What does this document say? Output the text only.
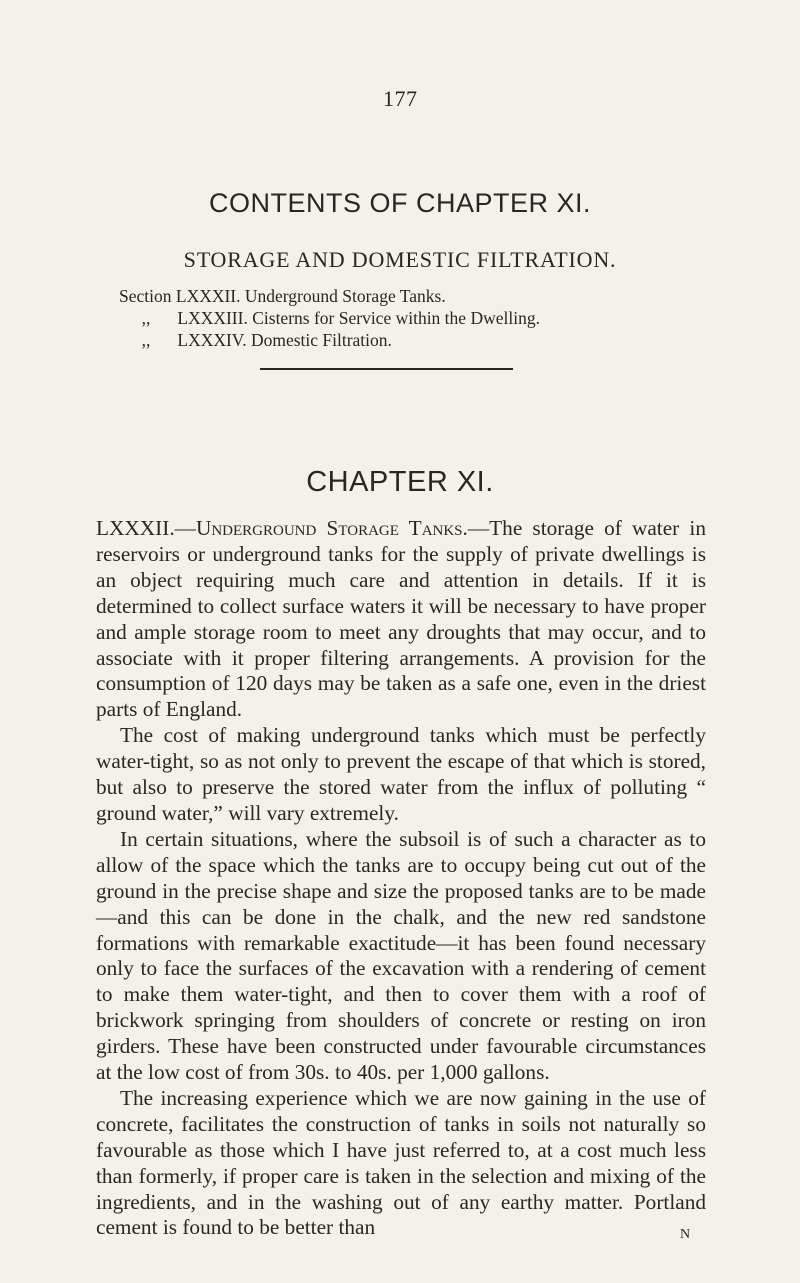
177
CONTENTS OF CHAPTER XI.
STORAGE AND DOMESTIC FILTRATION.
Section LXXXII. Underground Storage Tanks.
,, LXXXIII. Cisterns for Service within the Dwelling.
,, LXXXIV. Domestic Filtration.
CHAPTER XI.

LXXXII.—Underground Storage Tanks.—The storage of water in reservoirs or underground tanks for the supply of private dwellings is an object requiring much care and attention in details. If it is determined to collect surface waters it will be necessary to have proper and ample storage room to meet any droughts that may occur, and to associate with it proper filtering arrangements. A provision for the consumption of 120 days may be taken as a safe one, even in the driest parts of England.

The cost of making underground tanks which must be perfectly water-tight, so as not only to prevent the escape of that which is stored, but also to preserve the stored water from the influx of polluting “ ground water,” will vary extremely.

In certain situations, where the subsoil is of such a character as to allow of the space which the tanks are to occupy being cut out of the ground in the precise shape and size the proposed tanks are to be made—and this can be done in the chalk, and the new red sandstone formations with remarkable exactitude—it has been found necessary only to face the surfaces of the excavation with a rendering of cement to make them water-tight, and then to cover them with a roof of brickwork springing from shoulders of concrete or resting on iron girders. These have been constructed under favourable circumstances at the low cost of from 30s. to 40s. per 1,000 gallons.

The increasing experience which we are now gaining in the use of concrete, facilitates the construction of tanks in soils not naturally so favourable as those which I have just referred to, at a cost much less than formerly, if proper care is taken in the selection and mixing of the ingredients, and in the washing out of any earthy matter. Portland cement is found to be better than	N
